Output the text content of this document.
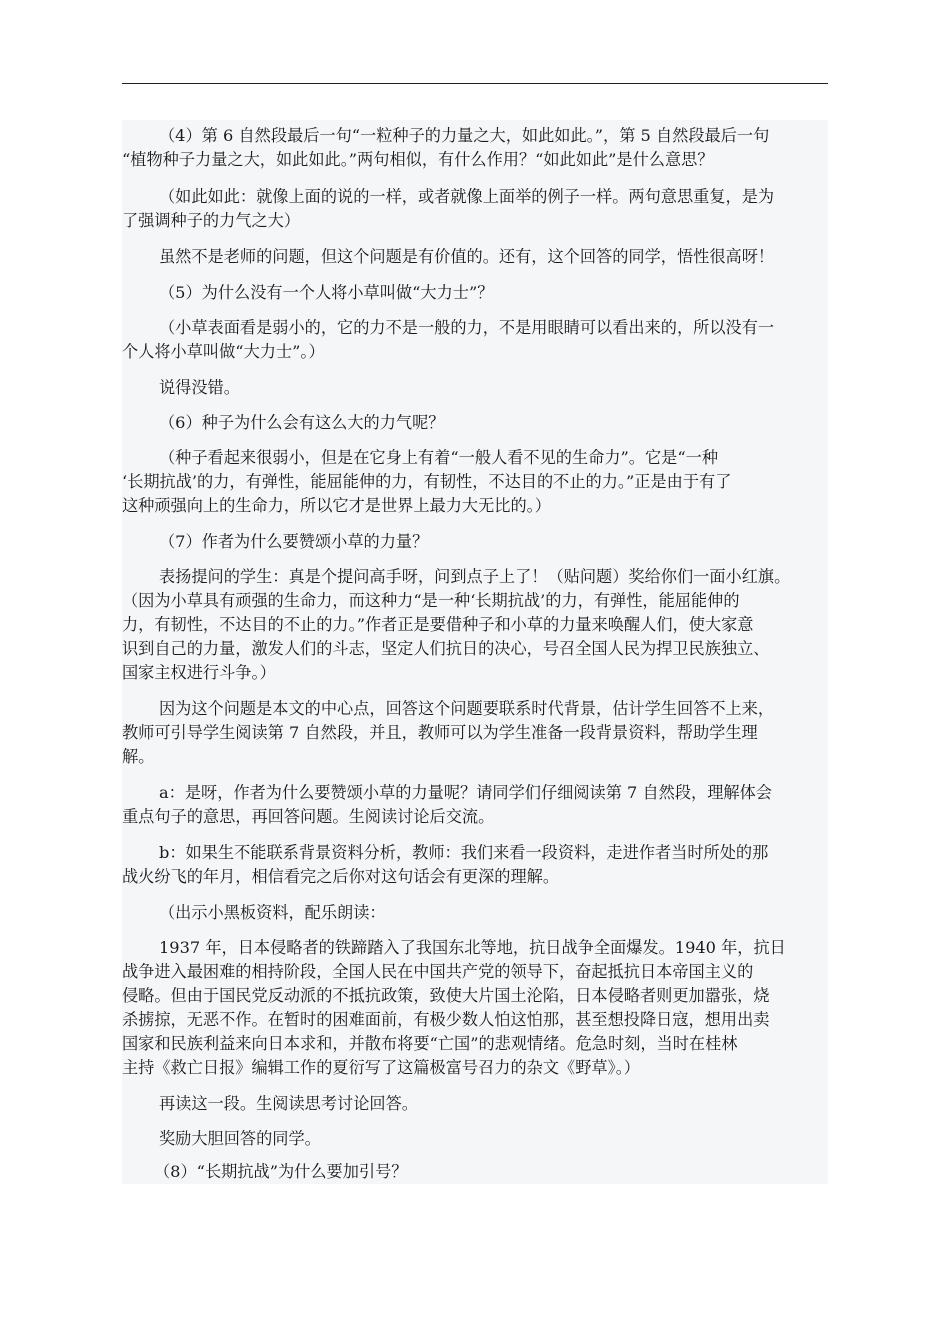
（4）第 6 自然段最后一句“一粒种子的力量之大，如此如此。”，第 5 自然段最后一句
“植物种子力量之大，如此如此。”两句相似，有什么作用？“如此如此”是什么意思？

（如此如此：就像上面的说的一样，或者就像上面举的例子一样。两句意思重复，是为
了强调种子的力气之大）

虽然不是老师的问题，但这个问题是有价值的。还有，这个回答的同学，悟性很高呀！

（5）为什么没有一个人将小草叫做“大力士”？

（小草表面看是弱小的，它的力不是一般的力，不是用眼睛可以看出来的，所以没有一
个人将小草叫做“大力士”。）

说得没错。

（6）种子为什么会有这么大的力气呢？

（种子看起来很弱小，但是在它身上有着“一般人看不见的生命力”。它是“一种
‘长期抗战’的力，有弹性，能屈能伸的力，有韧性，不达目的不止的力。”正是由于有了
这种顽强向上的生命力，所以它才是世界上最力大无比的。）

（7）作者为什么要赞颂小草的力量？

表扬提问的学生：真是个提问高手呀，问到点子上了！（贴问题）奖给你们一面小红旗。
（因为小草具有顽强的生命力，而这种力“是一种‘长期抗战’的力，有弹性，能屈能伸的
力，有韧性，不达目的不止的力。”作者正是要借种子和小草的力量来唤醒人们，使大家意
识到自己的力量，激发人们的斗志，坚定人们抗日的决心，号召全国人民为捍卫民族独立、
国家主权进行斗争。）

因为这个问题是本文的中心点，回答这个问题要联系时代背景，估计学生回答不上来，
教师可引导学生阅读第 7 自然段，并且，教师可以为学生准备一段背景资料，帮助学生理
解。

a：是呀，作者为什么要赞颂小草的力量呢？请同学们仔细阅读第 7 自然段，理解体会
重点句子的意思，再回答问题。生阅读讨论后交流。

b：如果生不能联系背景资料分析，教师：我们来看一段资料，走进作者当时所处的那
战火纷飞的年月，相信看完之后你对这句话会有更深的理解。

（出示小黑板资料，配乐朗读：

1937 年，日本侵略者的铁蹄踏入了我国东北等地，抗日战争全面爆发。1940 年，抗日
战争进入最困难的相持阶段，全国人民在中国共产党的领导下，奋起抵抗日本帝国主义的
侵略。但由于国民党反动派的不抵抗政策，致使大片国土沦陷，日本侵略者则更加嚣张，烧
杀掳掠，无恶不作。在暂时的困难面前，有极少数人怕这怕那，甚至想投降日寇，想用出卖
国家和民族利益来向日本求和，并散布将要“亡国”的悲观情绪。危急时刻，当时在桂林
主持《救亡日报》编辑工作的夏衍写了这篇极富号召力的杂文《野草》。）

再读这一段。生阅读思考讨论回答。

奖励大胆回答的同学。

（8）“长期抗战”为什么要加引号？
